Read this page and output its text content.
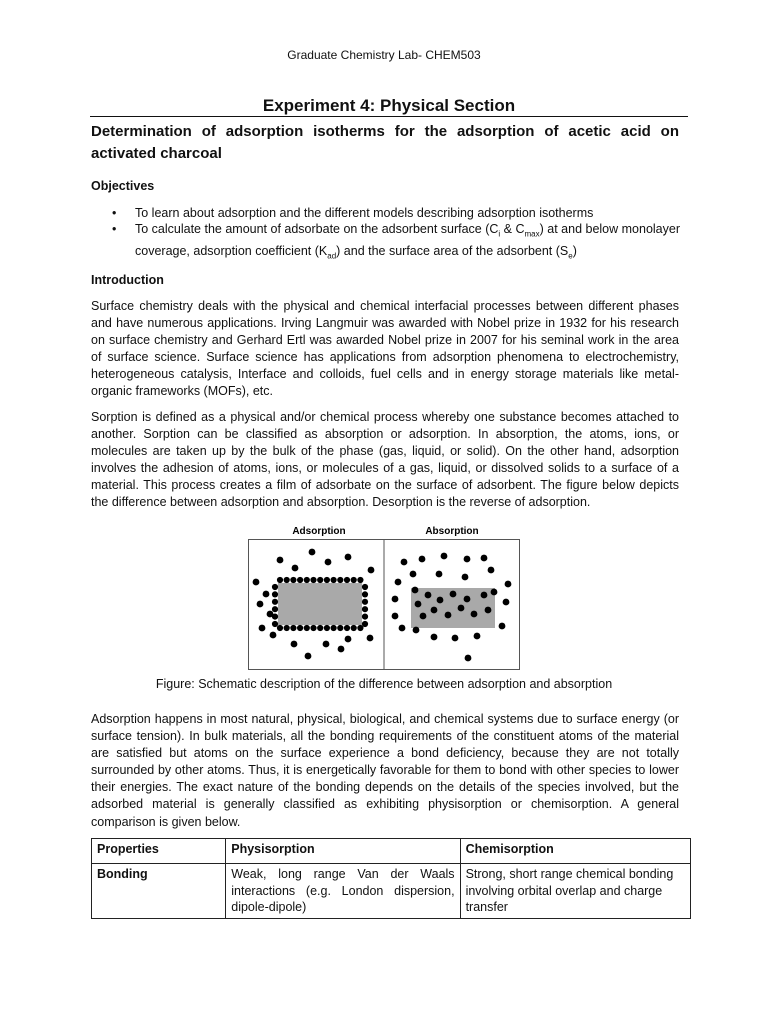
Graduate Chemistry Lab- CHEM503
Experiment 4: Physical Section
Determination of adsorption isotherms for the adsorption of acetic acid on activated charcoal
Objectives
• To learn about adsorption and the different models describing adsorption isotherms
• To calculate the amount of adsorbate on the adsorbent surface ($C_i$ & $C_{max}$) at and below monolayer coverage, adsorption coefficient $(K_{ad})$ and the surface area of the adsorbent $(S_e)$
Introduction

Surface chemistry deals with the physical and chemical interfacial processes between different phases and have numerous applications. Irving Langmuir was awarded with Nobel prize in 1932 for his research on surface chemistry and Gerhard Ertl was awarded Nobel prize in 2007 for his seminal work in the area of surface science. Surface science has applications from adsorption phenomena to electrochemistry, heterogeneous catalysis, Interface and colloids, fuel cells and in energy storage materials like metal-organic frameworks (MOFs), etc.

Sorption is defined as a physical and/or chemical process whereby one substance becomes attached to another. Sorption can be classified as absorption or adsorption. In absorption, the atoms, ions, or molecules are taken up by the bulk of the phase (gas, liquid, or solid). On the other hand, adsorption involves the adhesion of atoms, ions, or molecules of a gas, liquid, or dissolved solids to a surface of a material. This process creates a film of adsorbate on the surface of adsorbent. The figure below depicts the difference between adsorption and absorption. Desorption is the reverse of adsorption.

Adsorption	Absorption
Figure: Schematic description of the difference between adsorption and absorption

Adsorption happens in most natural, physical, biological, and chemical systems due to surface energy (or surface tension). In bulk materials, all the bonding requirements of the constituent atoms of the material are satisfied but atoms on the surface experience a bond deficiency, because they are not totally surrounded by other atoms. Thus, it is energetically favorable for them to bond with other species to lower their energies. The exact nature of the bonding depends on the details of the species involved, but the adsorbed material is generally classified as exhibiting physisorption or chemisorption. A general comparison is given below.

Properties	Physisorption	Chemisorption
Bonding	Weak, long range Van der Waals interactions (e.g. London dispersion, dipole-dipole)	Strong, short range chemical bonding involving orbital overlap and charge transfer
